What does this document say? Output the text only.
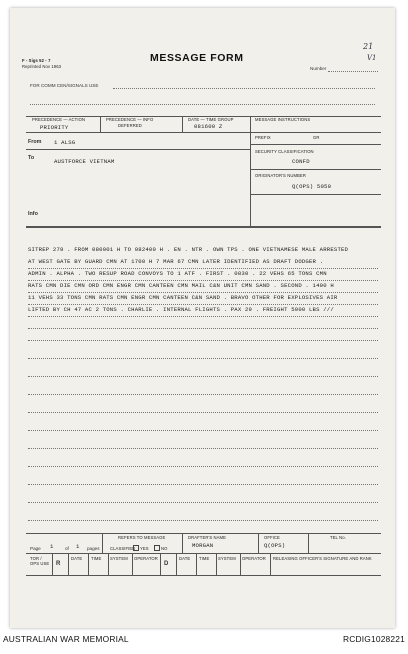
F - Sigs 52 - 7
Reprinted Nov 1963
MESSAGE FORM
21
V1
Number
FOR COMM CEN/SIGNALS USE
PRECEDENCE — ACTION
PRIORITY
PRECEDENCE — INFO
DEFERRED
DATE — TIME GROUP
081600 Z
MESSAGE INSTRUCTIONS
PREFIX	GR
SECURITY CLASSIFICATION
CONFD
ORIGINATOR'S NUMBER
Q(OPS) 5050
From 1 ALSG
To	AUSTFORCE VIETNAM
Info
SITREP 279 . FROM 080001 H TO 082400 H . EN . NTR . OWN TPS . ONE VIETNAMESE MALE ARRESTED
AT WEST GATE BY GUARD CMN AT 1700 H 7 MAR 67 CMN LATER IDENTIFIED AS DRAFT DODGER .
ADMIN . ALPHA . TWO RESUP ROAD CONVOYS TO 1 ATF . FIRST . 0830 . 22 VEHS 65 TONS CMN
RATS CMN DIE CMN ORD CMN ENGR CMN CANTEEN CMN MAIL C&N UNIT CMN SAND . SECOND . 1400 H
11 VEHS 33 TONS CMN RATS CMN ENGR CMN CANTEEN C&N SAND . BRAVO OTHER FOR EXPLOSIVES AIR
LIFTED BY CH 47 AC 2 TONS . CHARLIE . INTERNAL FLIGHTS . PAX 29 . FREIGHT 5000 LBS ///
Page 1 of 1 pages
REFERS TO MESSAGE
CLASSIFIED YES	NO
DRAFTER'S NAME
MORGAN
OFFICE
Q(OPS)
TEL No.
TOR / OPS USE R
DATE TIME SYSTEM OPERATOR
D
DATE TIME SYSTEM OPERATOR RELEASING OFFICER'S SIGNATURE AND RANK
AUSTRALIAN WAR MEMORIAL	RCDIG1028221
